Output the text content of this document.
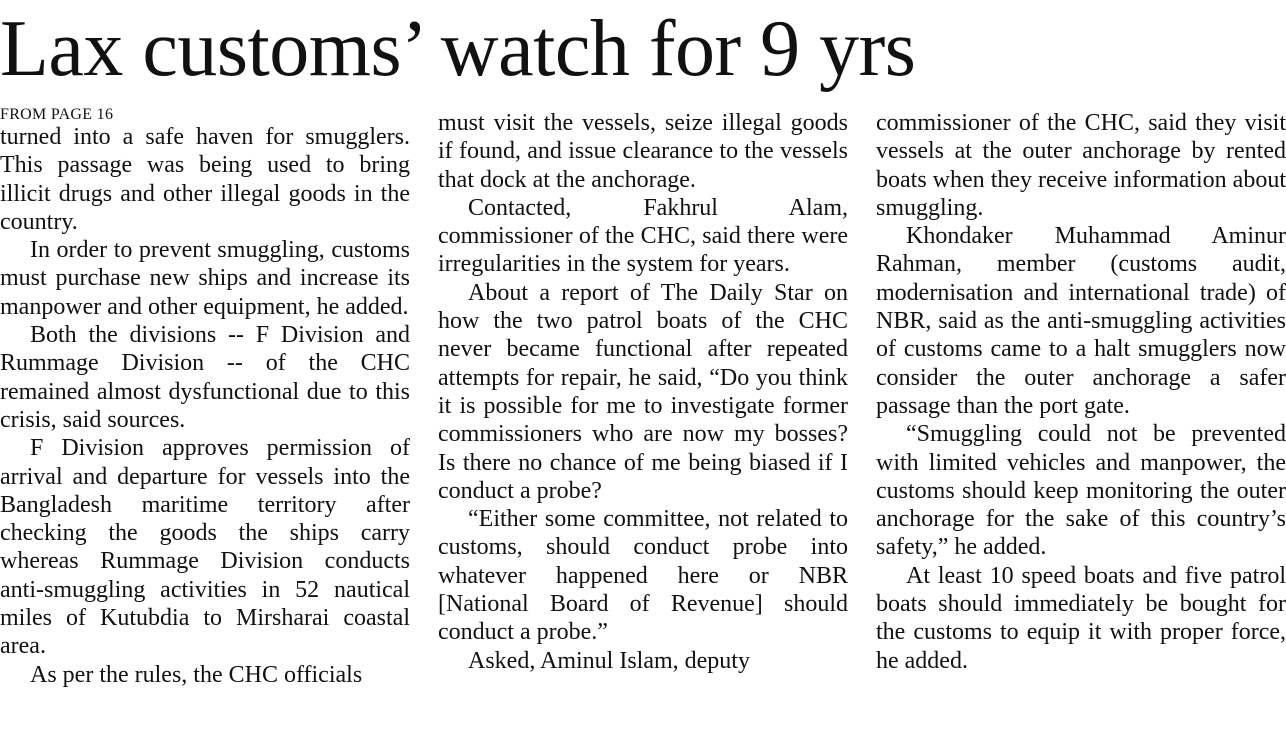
Lax customs’ watch for 9 yrs
FROM PAGE 16

turned into a safe haven for smugglers. This passage was being used to bring illicit drugs and other illegal goods in the country.

In order to prevent smuggling, customs must purchase new ships and increase its manpower and other equipment, he added.

Both the divisions -- F Division and Rummage Division -- of the CHC remained almost dysfunctional due to this crisis, said sources.

F Division approves permission of arrival and departure for vessels into the Bangladesh maritime territory after checking the goods the ships carry whereas Rummage Division conducts anti-smuggling activities in 52 nautical miles of Kutubdia to Mirsharai coastal area.

As per the rules, the CHC officials

must visit the vessels, seize illegal goods if found, and issue clearance to the vessels that dock at the anchorage.

Contacted, Fakhrul Alam, commissioner of the CHC, said there were irregularities in the system for years.

About a report of The Daily Star on how the two patrol boats of the CHC never became functional after repeated attempts for repair, he said, “Do you think it is possible for me to investigate former commissioners who are now my bosses? Is there no chance of me being biased if I conduct a probe?

“Either some committee, not related to customs, should conduct probe into whatever happened here or NBR [National Board of Revenue] should conduct a probe.”

Asked, Aminul Islam, deputy

commissioner of the CHC, said they visit vessels at the outer anchorage by rented boats when they receive information about smuggling.

Khondaker Muhammad Aminur Rahman, member (customs audit, modernisation and international trade) of NBR, said as the anti-smuggling activities of customs came to a halt smugglers now consider the outer anchorage a safer passage than the port gate.

“Smuggling could not be prevented with limited vehicles and manpower, the customs should keep monitoring the outer anchorage for the sake of this country’s safety,” he added.

At least 10 speed boats and five patrol boats should immediately be bought for the customs to equip it with proper force, he added.
